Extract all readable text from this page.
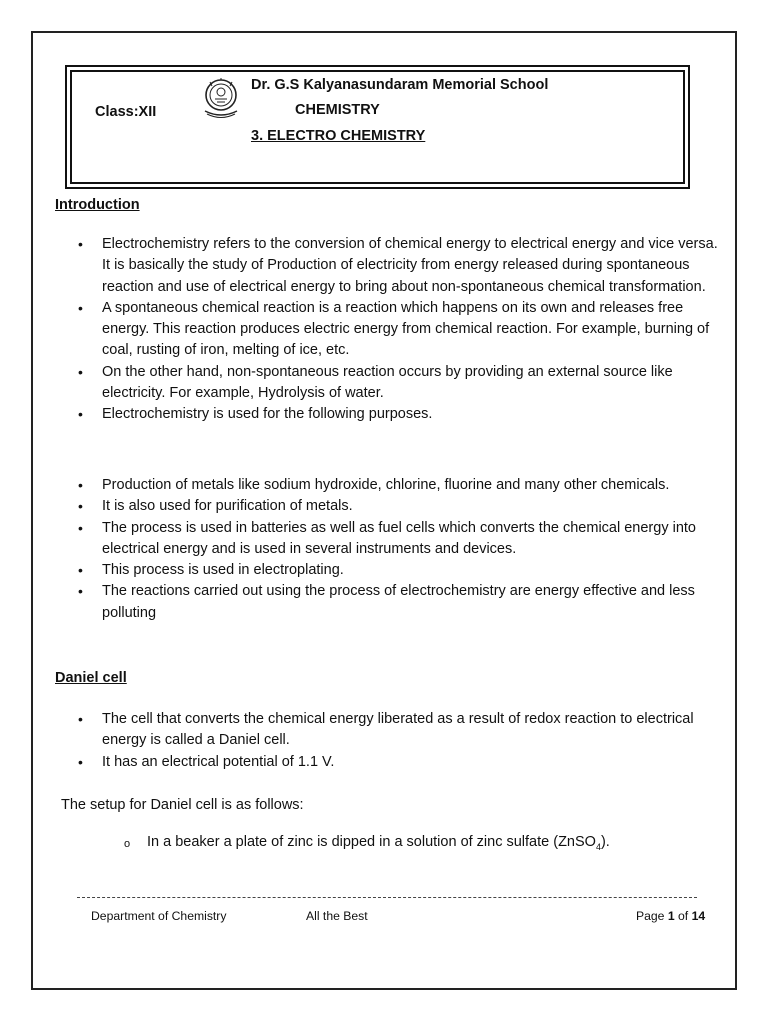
Dr. G.S Kalyanasundaram Memorial School
Class:XII	CHEMISTRY
3. ELECTRO CHEMISTRY
Introduction
• Electrochemistry refers to the conversion of chemical energy to electrical energy and vice versa. It is basically the study of Production of electricity from energy released during spontaneous reaction and use of electrical energy to bring about non-spontaneous chemical transformation.
• A spontaneous chemical reaction is a reaction which happens on its own and releases free energy. This reaction produces electric energy from chemical reaction. For example, burning of coal, rusting of iron, melting of ice, etc.
• On the other hand, non-spontaneous reaction occurs by providing an external source like electricity. For example, Hydrolysis of water.
• Electrochemistry is used for the following purposes.
• Production of metals like sodium hydroxide, chlorine, fluorine and many other chemicals.
• It is also used for purification of metals.
• The process is used in batteries as well as fuel cells which converts the chemical energy into electrical energy and is used in several instruments and devices.
• This process is used in electroplating.
• The reactions carried out using the process of electrochemistry are energy effective and less polluting
Daniel cell
• The cell that converts the chemical energy liberated as a result of redox reaction to electrical energy is called a Daniel cell.
• It has an electrical potential of 1.1 V.
The setup for Daniel cell is as follows:
o In a beaker a plate of zinc is dipped in a solution of zinc sulfate (ZnSO$_4$).
Department of Chemistry	All the Best	Page 1 of 14
